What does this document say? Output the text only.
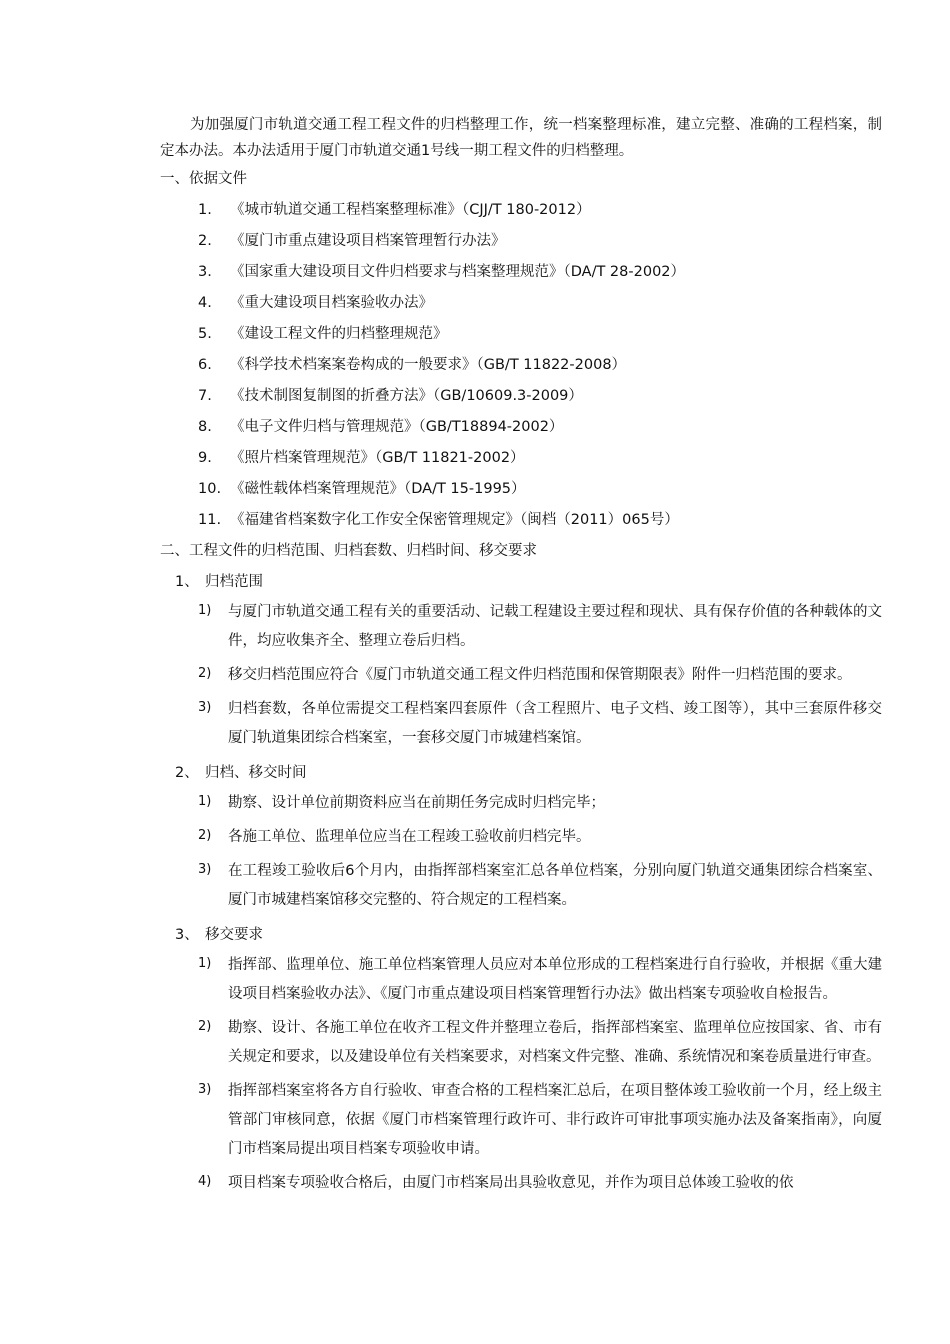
为加强厦门市轨道交通工程工程文件的归档整理工作，统一档案整理标准，建立完整、准确的工程档案，制定本办法。本办法适用于厦门市轨道交通1号线一期工程文件的归档整理。
一、依据文件
1.	《城市轨道交通工程档案整理标准》（CJJ/T 180-2012）
2.	《厦门市重点建设项目档案管理暂行办法》
3.	《国家重大建设项目文件归档要求与档案整理规范》（DA/T 28-2002）
4.	《重大建设项目档案验收办法》
5.	《建设工程文件的归档整理规范》
6.	《科学技术档案案卷构成的一般要求》（GB/T 11822-2008）
7.	《技术制图复制图的折叠方法》（GB/10609.3-2009）
8.	《电子文件归档与管理规范》（GB/T18894-2002）
9.	《照片档案管理规范》（GB/T 11821-2002）
10. 《磁性载体档案管理规范》（DA/T 15-1995）
11. 《福建省档案数字化工作安全保密管理规定》（闽档（2011）065号）
二、工程文件的归档范围、归档套数、归档时间、移交要求
1、 归档范围
1)	与厦门市轨道交通工程有关的重要活动、记载工程建设主要过程和现状、具有保存价值的各种载体的文件，均应收集齐全、整理立卷后归档。
2)	移交归档范围应符合《厦门市轨道交通工程文件归档范围和保管期限表》附件一归档范围的要求。
3)	归档套数，各单位需提交工程档案四套原件（含工程照片、电子文档、竣工图等），其中三套原件移交厦门轨道集团综合档案室，一套移交厦门市城建档案馆。
2、 归档、移交时间
1)	勘察、设计单位前期资料应当在前期任务完成时归档完毕；
2)	各施工单位、监理单位应当在工程竣工验收前归档完毕。
3)	在工程竣工验收后6个月内，由指挥部档案室汇总各单位档案，分别向厦门轨道交通集团综合档案室、厦门市城建档案馆移交完整的、符合规定的工程档案。
3、 移交要求
1)	指挥部、监理单位、施工单位档案管理人员应对本单位形成的工程档案进行自行验收，并根据《重大建设项目档案验收办法》、《厦门市重点建设项目档案管理暂行办法》做出档案专项验收自检报告。
2)	勘察、设计、各施工单位在收齐工程文件并整理立卷后，指挥部档案室、监理单位应按国家、省、市有关规定和要求，以及建设单位有关档案要求，对档案文件完整、准确、系统情况和案卷质量进行审查。
3)	指挥部档案室将各方自行验收、审查合格的工程档案汇总后，在项目整体竣工验收前一个月，经上级主管部门审核同意，依据《厦门市档案管理行政许可、非行政许可审批事项实施办法及备案指南》，向厦门市档案局提出项目档案专项验收申请。
4)	项目档案专项验收合格后，由厦门市档案局出具验收意见，并作为项目总体竣工验收的依
